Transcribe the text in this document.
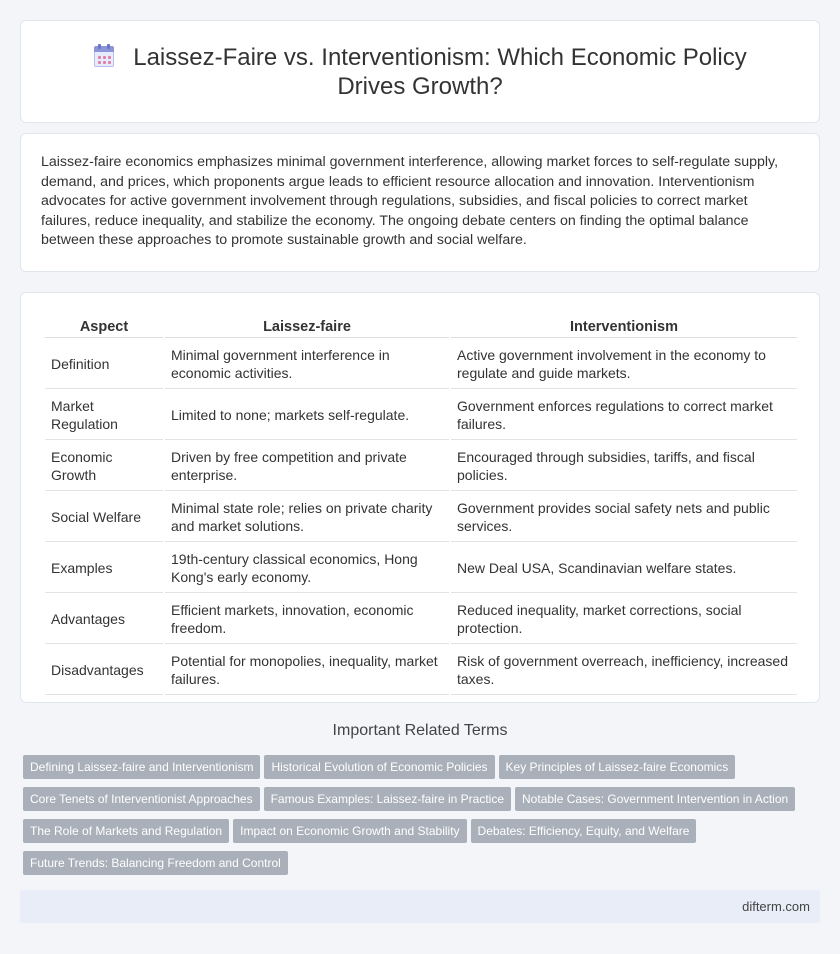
Laissez-Faire vs. Interventionism: Which Economic Policy Drives Growth?

Laissez-faire economics emphasizes minimal government interference, allowing market forces to self-regulate supply, demand, and prices, which proponents argue leads to efficient resource allocation and innovation. Interventionism advocates for active government involvement through regulations, subsidies, and fiscal policies to correct market failures, reduce inequality, and stabilize the economy. The ongoing debate centers on finding the optimal balance between these approaches to promote sustainable growth and social welfare.

Aspect	Laissez-faire	Interventionism
Definition	Minimal government interference in economic activities.	Active government involvement in the economy to regulate and guide markets.
Market Regulation	Limited to none; markets self-regulate.	Government enforces regulations to correct market failures.
Economic Growth	Driven by free competition and private enterprise.	Encouraged through subsidies, tariffs, and fiscal policies.
Social Welfare	Minimal state role; relies on private charity and market solutions.	Government provides social safety nets and public services.
Examples	19th-century classical economics, Hong Kong's early economy.	New Deal USA, Scandinavian welfare states.
Advantages	Efficient markets, innovation, economic freedom.	Reduced inequality, market corrections, social protection.
Disadvantages	Potential for monopolies, inequality, market failures.	Risk of government overreach, inefficiency, increased taxes.
Important Related Terms
Defining Laissez-faire and Interventionism Historical Evolution of Economic Policies Key Principles of Laissez-faire Economics
Core Tenets of Interventionist Approaches Famous Examples: Laissez-faire in Practice Notable Cases: Government Intervention in Action
The Role of Markets and Regulation Impact on Economic Growth and Stability Debates: Efficiency, Equity, and Welfare
Future Trends: Balancing Freedom and Control
difterm.com
